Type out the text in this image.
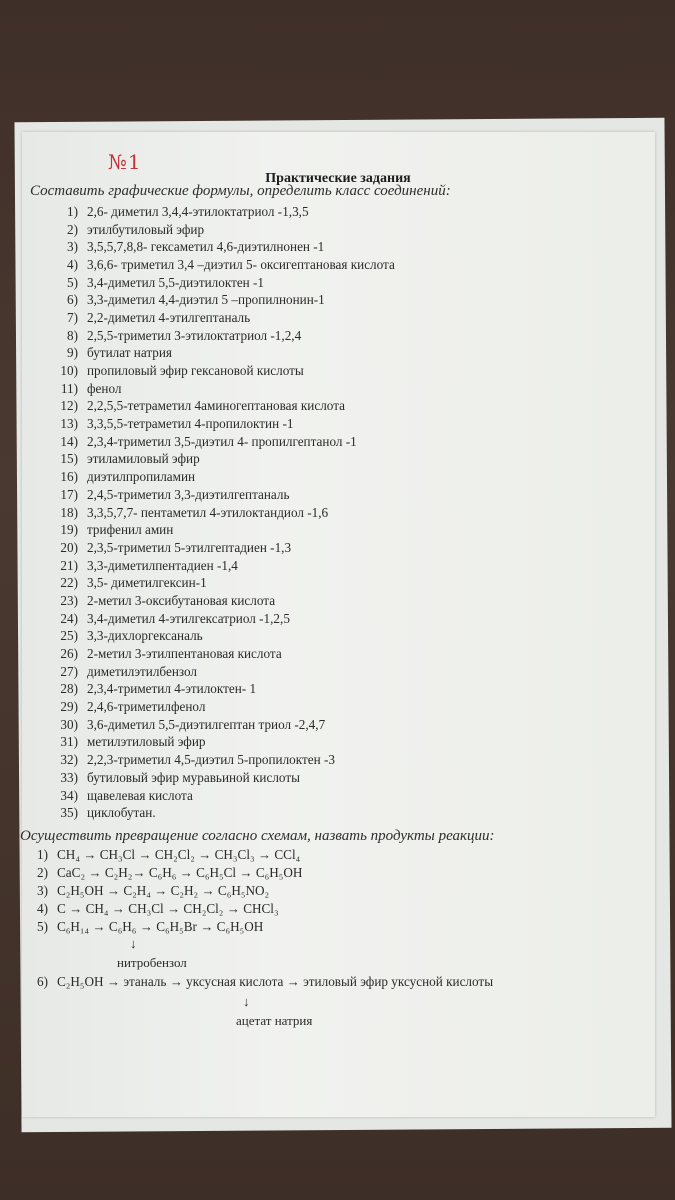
№1
Практические задания
Составить графические формулы, определить класс соединений:
1) 2,6- диметил 3,4,4-этилоктатриол -1,3,5
2) этилбутиловый эфир
3) 3,5,5,7,8,8- гексаметил 4,6-диэтилнонен -1
4) 3,6,6- триметил 3,4 –диэтил 5- оксигептановая кислота
5) 3,4-диметил 5,5-диэтилоктен -1
6) 3,3-диметил 4,4-диэтил 5 –пропилнонин-1
7) 2,2-диметил 4-этилгептаналь
8) 2,5,5-триметил 3-этилоктатриол -1,2,4
9) бутилат натрия
10) пропиловый эфир гексановой кислоты
11) фенол
12) 2,2,5,5-тетраметил 4аминогептановая кислота
13) 3,3,5,5-тетраметил 4-пропилоктин -1
14) 2,3,4-триметил 3,5-диэтил 4- пропилгептанол -1
15) этиламиловый эфир
16) диэтилпропиламин
17) 2,4,5-триметил 3,3-диэтилгептаналь
18) 3,3,5,7,7- пентаметил 4-этилоктандиол -1,6
19) трифенил амин
20) 2,3,5-триметил 5-этилгептадиен -1,3
21) 3,3-диметилпентадиен -1,4
22) 3,5- диметилгексин-1
23) 2-метил 3-оксибутановая кислота
24) 3,4-диметил 4-этилгексатриол -1,2,5
25) 3,3-дихлоргексаналь
26) 2-метил 3-этилпентановая кислота
27) диметилэтилбензол
28) 2,3,4-триметил 4-этилоктен- 1
29) 2,4,6-триметилфенол
30) 3,6-диметил 5,5-диэтилгептан триол -2,4,7
31) метилэтиловый эфир
32) 2,2,3-триметил 4,5-диэтил 5-пропилоктен -3
33) бутиловый эфир муравьиной кислоты
34) щавелевая кислота
35) циклобутан.
Осуществить превращение согласно схемам, назвать продукты реакции:
1) CH₄ → CH₃Cl → CH₂Cl₂ → CH₃Cl₃ → CCl₄
2) CaC₂ → C₂H₂→ C₆H₆ → C₆H₅Cl → C₆H₅OH
3) C₂H₅OH → C₂H₄ → C₂H₂ → C₆H₅NO₂
4) C → CH₄ → CH₃Cl → CH₂Cl₂ → CHCl₃
5) C₆H₁₄ → C₆H₆ → C₆H₅Br → C₆H₅OH
↓
нитробензол
6) C₂H₅OH → этаналь → уксусная кислота → этиловый эфир уксусной кислоты
↓
ацетат натрия
